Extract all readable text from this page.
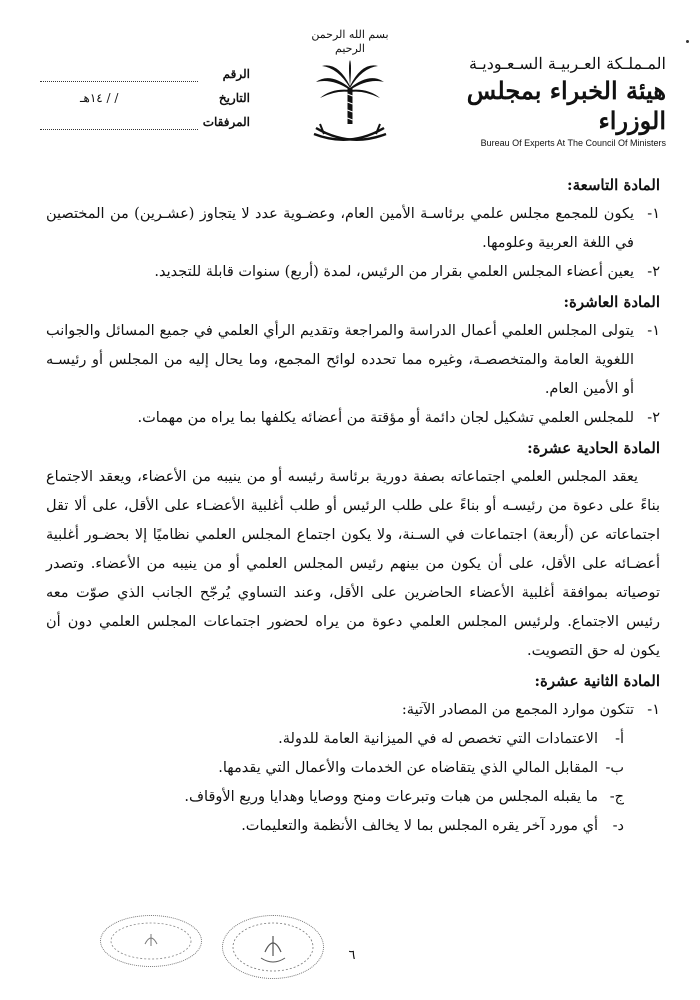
المـملـكة العـربيـة السـعـوديـة
هيئة الخبراء بمجلس الوزراء
Bureau Of Experts At The Council Of Ministers
بسم الله الرحمن الرحيم
الرقم
التاريخ
/ / ١٤هـ
المرفقات
المادة التاسعة:
١-
يكون للمجمع مجلس علمي برئاسـة الأمين العام، وعضـوية عدد لا يتجاوز (عشـرين) من المختصين في اللغة العربية وعلومها.
٢-
يعين أعضاء المجلس العلمي بقرار من الرئيس، لمدة (أربع) سنوات قابلة للتجديد.
المادة العاشرة:
١-
يتولى المجلس العلمي أعمال الدراسة والمراجعة وتقديم الرأي العلمي في جميع المسائل والجوانب اللغوية العامة والمتخصصـة، وغيره مما تحدده لوائح المجمع، وما يحال إليه من المجلس أو رئيسـه أو الأمين العام.
٢-
للمجلس العلمي تشكيل لجان دائمة أو مؤقتة من أعضائه يكلفها بما يراه من مهمات.
المادة الحادية عشرة:
يعقد المجلس العلمي اجتماعاته بصفة دورية برئاسة رئيسه أو من ينيبه من الأعضاء، ويعقد الاجتماع بناءً على دعوة من رئيسـه أو بناءً على طلب الرئيس أو طلب أغلبية الأعضـاء على الأقل، على ألا تقل اجتماعاته عن (أربعة) اجتماعات في السـنة، ولا يكون اجتماع المجلس العلمي نظاميًا إلا بحضـور أغلبية أعضـائه على الأقل، على أن يكون من بينهم رئيس المجلس العلمي أو من ينيبه من الأعضاء. وتصدر توصياته بموافقة أغلبية الأعضاء الحاضرين على الأقل، وعند التساوي يُرجّح الجانب الذي صوّت معه رئيس الاجتماع. ولرئيس المجلس العلمي دعوة من يراه لحضور اجتماعات المجلس العلمي دون أن يكون له حق التصويت.
المادة الثانية عشرة:
١-
تتكون موارد المجمع من المصادر الآتية:
أ-
الاعتمادات التي تخصص له في الميزانية العامة للدولة.
ب-
المقابل المالي الذي يتقاضاه عن الخدمات والأعمال التي يقدمها.
ج-
ما يقبله المجلس من هبات وتبرعات ومنح ووصايا وهدايا وريع الأوقاف.
د-
أي مورد آخر يقره المجلس بما لا يخالف الأنظمة والتعليمات.
٦
